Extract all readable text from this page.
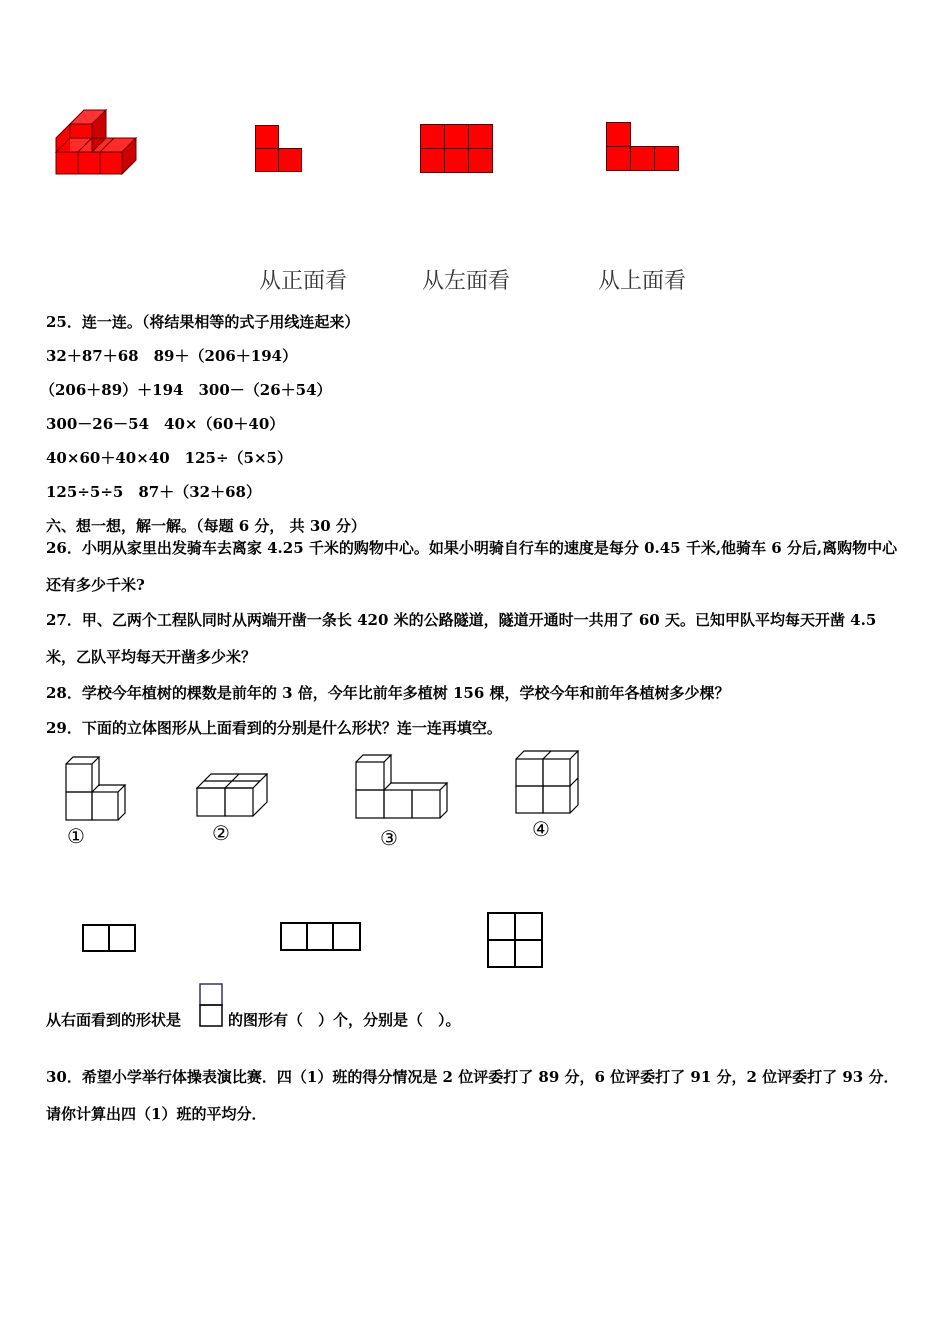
从正面看	从左面看	从上面看
25．连一连。（将结果相等的式子用线连起来）
32＋87＋68　89＋（206＋194）
（206＋89）＋194　300－（26＋54）
300－26－54　40×（60＋40）
40×60＋40×40　125÷（5×5）
125÷5÷5　87＋（32＋68）
六、想一想，解一解。（每题 6 分， 共 30 分）
26．小明从家里出发骑车去离家 4.25 千米的购物中心。如果小明骑自行车的速度是每分 0.45 千米,他骑车 6 分后,离购物中心还有多少千米?
27．甲、乙两个工程队同时从两端开凿一条长 420 米的公路隧道，隧道开通时一共用了 60 天。已知甲队平均每天开凿 4.5 米，乙队平均每天开凿多少米？
28．学校今年植树的棵数是前年的 3 倍，今年比前年多植树 156 棵，学校今年和前年各植树多少棵？
29．下面的立体图形从上面看到的分别是什么形状？连一连再填空。
①	②	③	④
从右面看到的形状是	的图形有（　）个，分别是（　）。
30．希望小学举行体操表演比赛．四（1）班的得分情况是 2 位评委打了 89 分，6 位评委打了 91 分，2 位评委打了 93 分．请你计算出四（1）班的平均分．
